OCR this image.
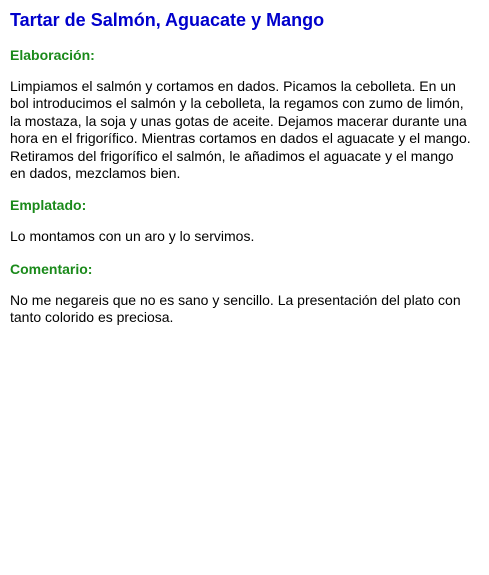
Tartar de Salmón, Aguacate y Mango
Elaboración:

Limpiamos el salmón y cortamos en dados. Picamos la cebolleta. En un bol introducimos el salmón y la cebolleta, la regamos con zumo de limón, la mostaza, la soja y unas gotas de aceite. Dejamos macerar durante una hora en el frigorífico. Mientras cortamos en dados el aguacate y el mango. Retiramos del frigorífico el salmón, le añadimos el aguacate y el mango en dados, mezclamos bien.

Emplatado:

Lo montamos con un aro y lo servimos.

Comentario:

No me negareis que no es sano y sencillo. La presentación del plato con tanto colorido es preciosa.
